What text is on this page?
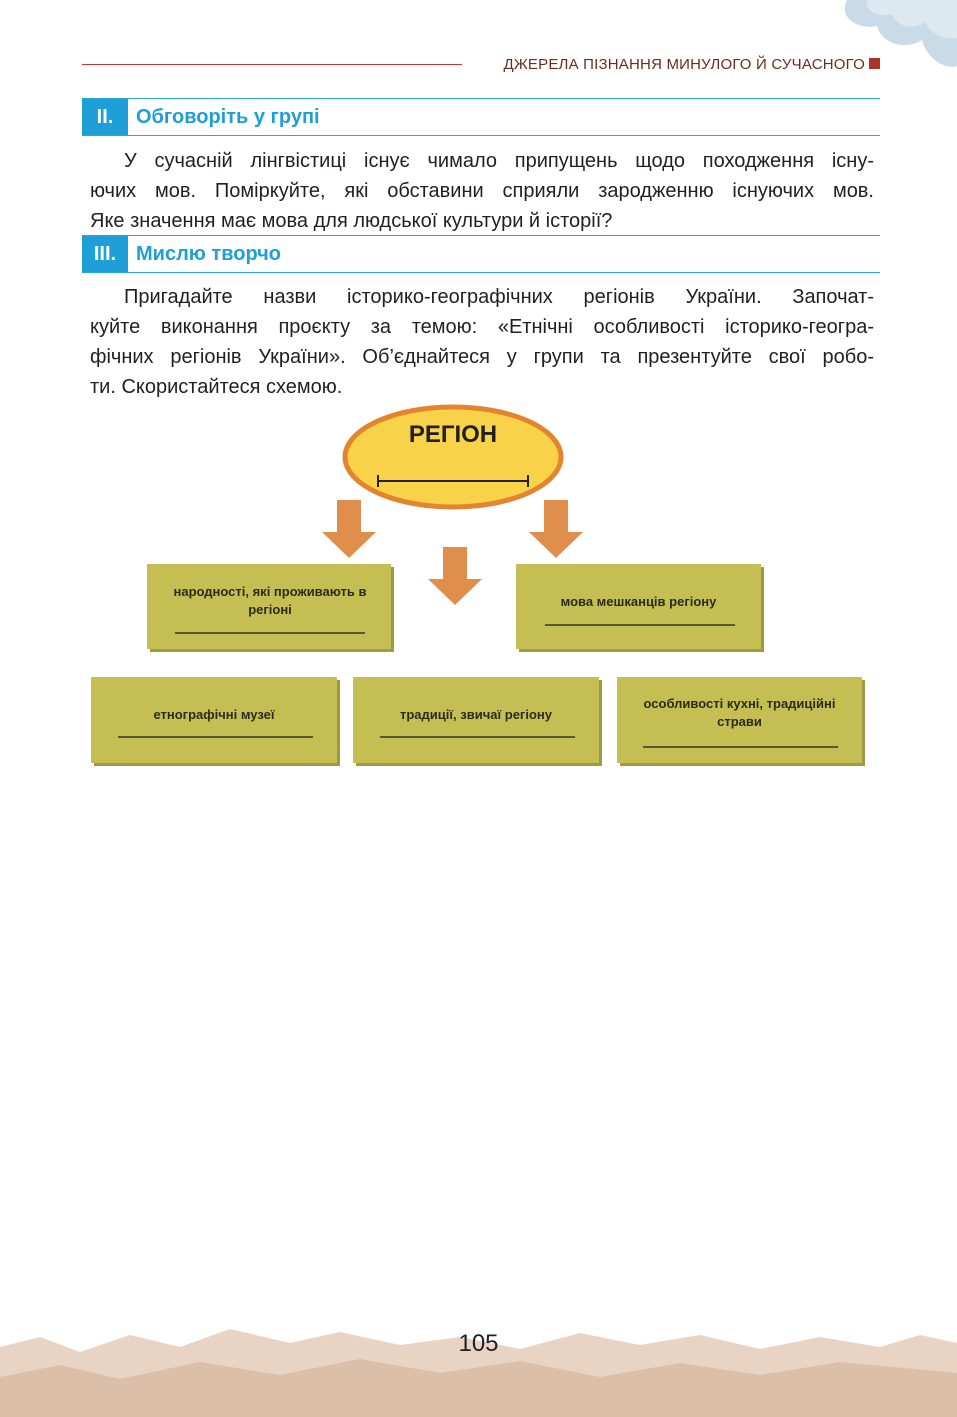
ДЖЕРЕЛА ПІЗНАННЯ МИНУЛОГО Й СУЧАСНОГО
II.	Обговоріть у групі
У сучасній лінгвістиці існує чимало припущень щодо походження існу-
ючих мов. Поміркуйте, які обставини сприяли зародженню існуючих мов.
Яке значення має мова для людської культури й історії?
III. Мислю творчо
Пригадайте назви історико-географічних регіонів України. Започат-
куйте виконання проєкту за темою: «Етнічні особливості історико-геогра-
фічних регіонів України». Об’єднайтеся у групи та презентуйте свої робо-
ти. Скористайтеся схемою.
РЕГІОН
народності, які проживають в регіоні
мова мешканців регіону
етнографічні музеї	традиції, звичаї регіону
особливості кухні, традиційні страви
105
